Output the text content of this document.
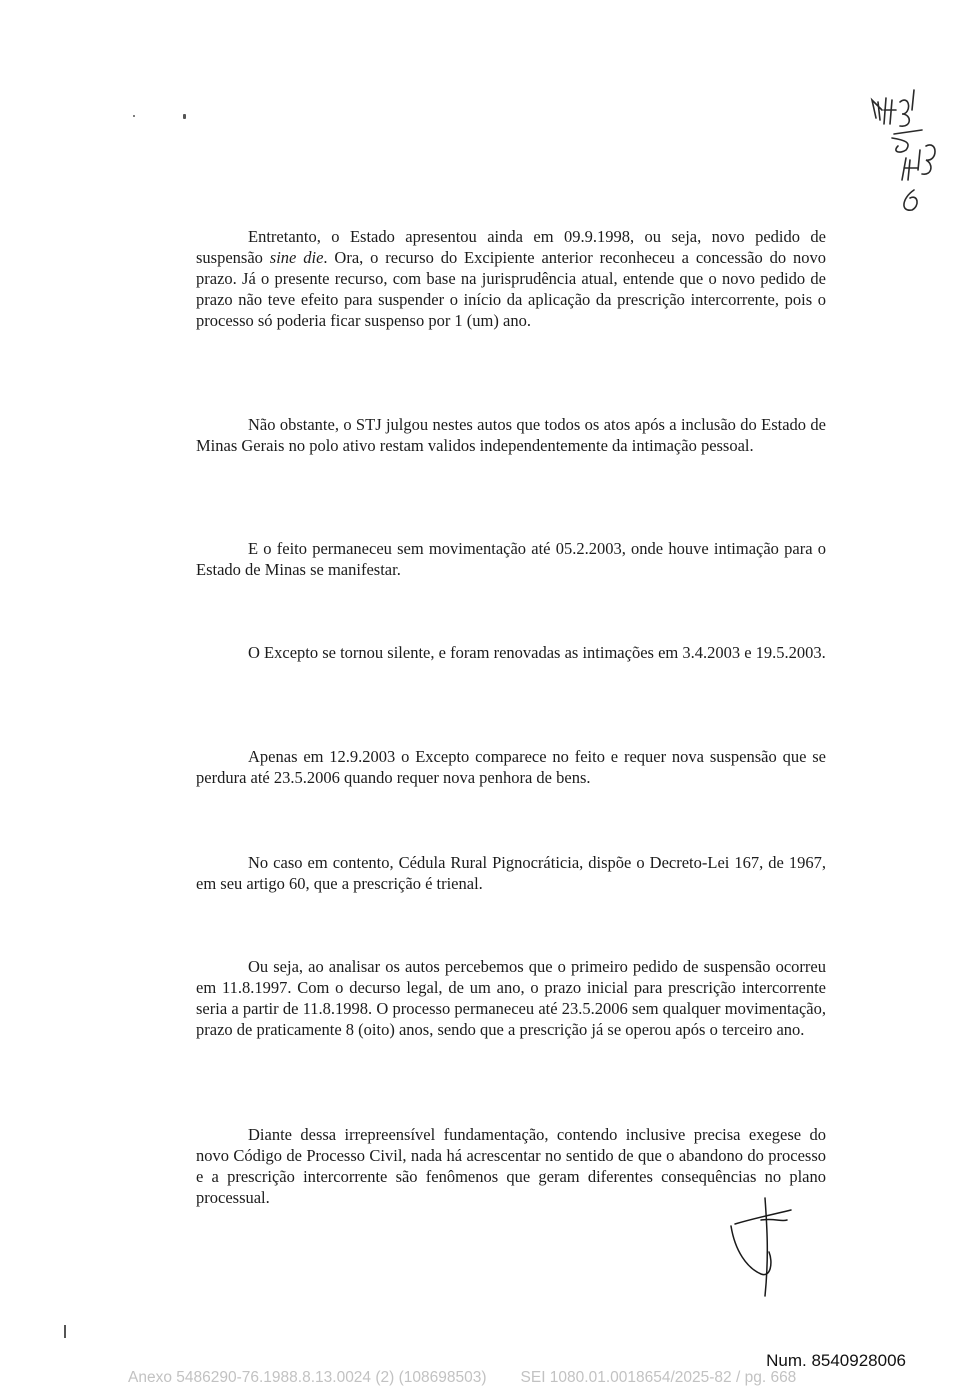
Entretanto, o Estado apresentou ainda em 09.9.1998, ou seja, novo pedido de suspensão sine die. Ora, o recurso do Excipiente anterior reconheceu a concessão do novo prazo. Já o presente recurso, com base na jurisprudência atual, entende que o novo pedido de prazo não teve efeito para suspender o início da aplicação da prescrição intercorrente, pois o processo só poderia ficar suspenso por 1 (um) ano.

Não obstante, o STJ julgou nestes autos que todos os atos após a inclusão do Estado de Minas Gerais no polo ativo restam validos independentemente da intimação pessoal.

E o feito permaneceu sem movimentação até 05.2.2003, onde houve intimação para o Estado de Minas se manifestar.

O Excepto se tornou silente, e foram renovadas as intimações em 3.4.2003 e 19.5.2003.

Apenas em 12.9.2003 o Excepto comparece no feito e requer nova suspensão que se perdura até 23.5.2006 quando requer nova penhora de bens.

No caso em contento, Cédula Rural Pignocráticia, dispõe o Decreto-Lei 167, de 1967, em seu artigo 60, que a prescrição é trienal.

Ou seja, ao analisar os autos percebemos que o primeiro pedido de suspensão ocorreu em 11.8.1997. Com o decurso legal, de um ano, o prazo inicial para prescrição intercorrente seria a partir de 11.8.1998. O processo permaneceu até 23.5.2006 sem qualquer movimentação, prazo de praticamente 8 (oito) anos, sendo que a prescrição já se operou após o terceiro ano.

Diante dessa irrepreensível fundamentação, contendo inclusive precisa exegese do novo Código de Processo Civil, nada há acrescentar no sentido de que o abandono do processo e a prescrição intercorrente são fenômenos que geram diferentes consequências no plano processual.

Num. 8540928006
Anexo 5486290-76.1988.8.13.0024 (2) (108698503) SEI 1080.01.0018654/2025-82 / pg. 668
